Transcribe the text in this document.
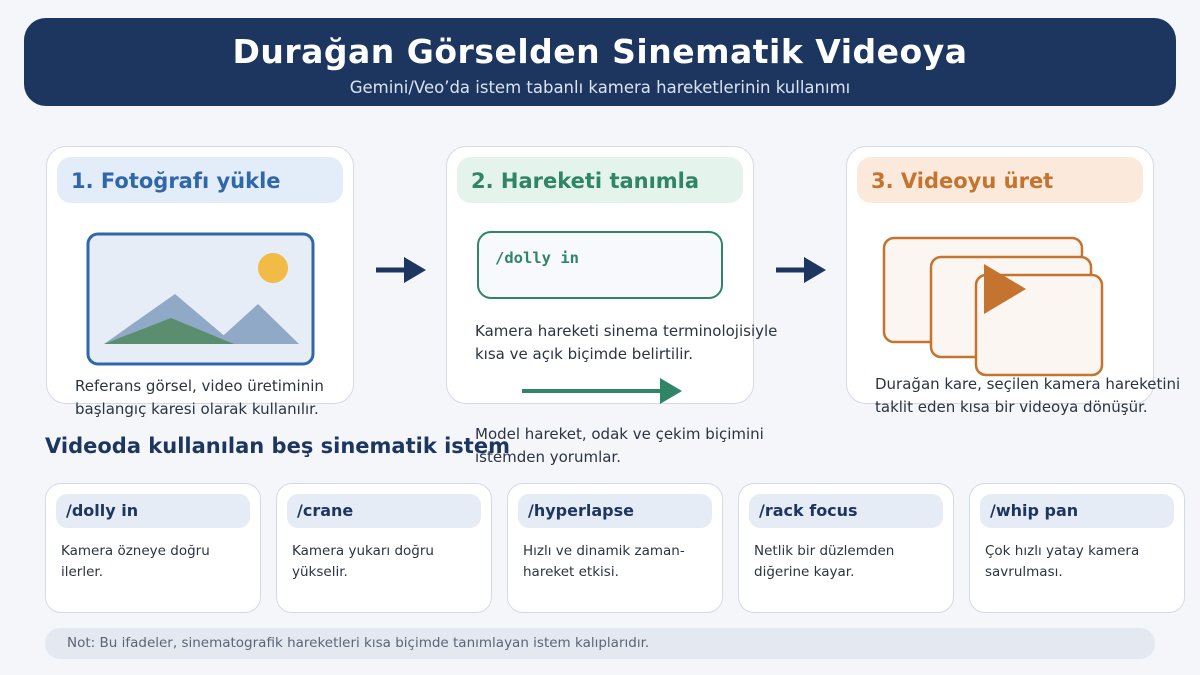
Durağan Görselden Sinematik Videoya
Gemini/Veo’da istem tabanlı kamera hareketlerinin kullanımı
1. Fotoğrafı yükle
Referans görsel, video üretiminin
başlangıç karesi olarak kullanılır.
2. Hareketi tanımla
/dolly in
Kamera hareketi sinema terminolojisiyle
kısa ve açık biçimde belirtilir.
Model hareket, odak ve çekim biçimini
istemden yorumlar.
3. Videoyu üret
Durağan kare, seçilen kamera hareketini
taklit eden kısa bir videoya dönüşür.
Videoda kullanılan beş sinematik istem
/dolly in
Kamera özneye doğru
ilerler.
/crane
Kamera yukarı doğru
yükselir.
/hyperlapse
Hızlı ve dinamik zaman-
hareket etkisi.
/rack focus
Netlik bir düzlemden
diğerine kayar.
/whip pan
Çok hızlı yatay kamera
savrulması.
Not: Bu ifadeler, sinematografik hareketleri kısa biçimde tanımlayan istem kalıplarıdır.
